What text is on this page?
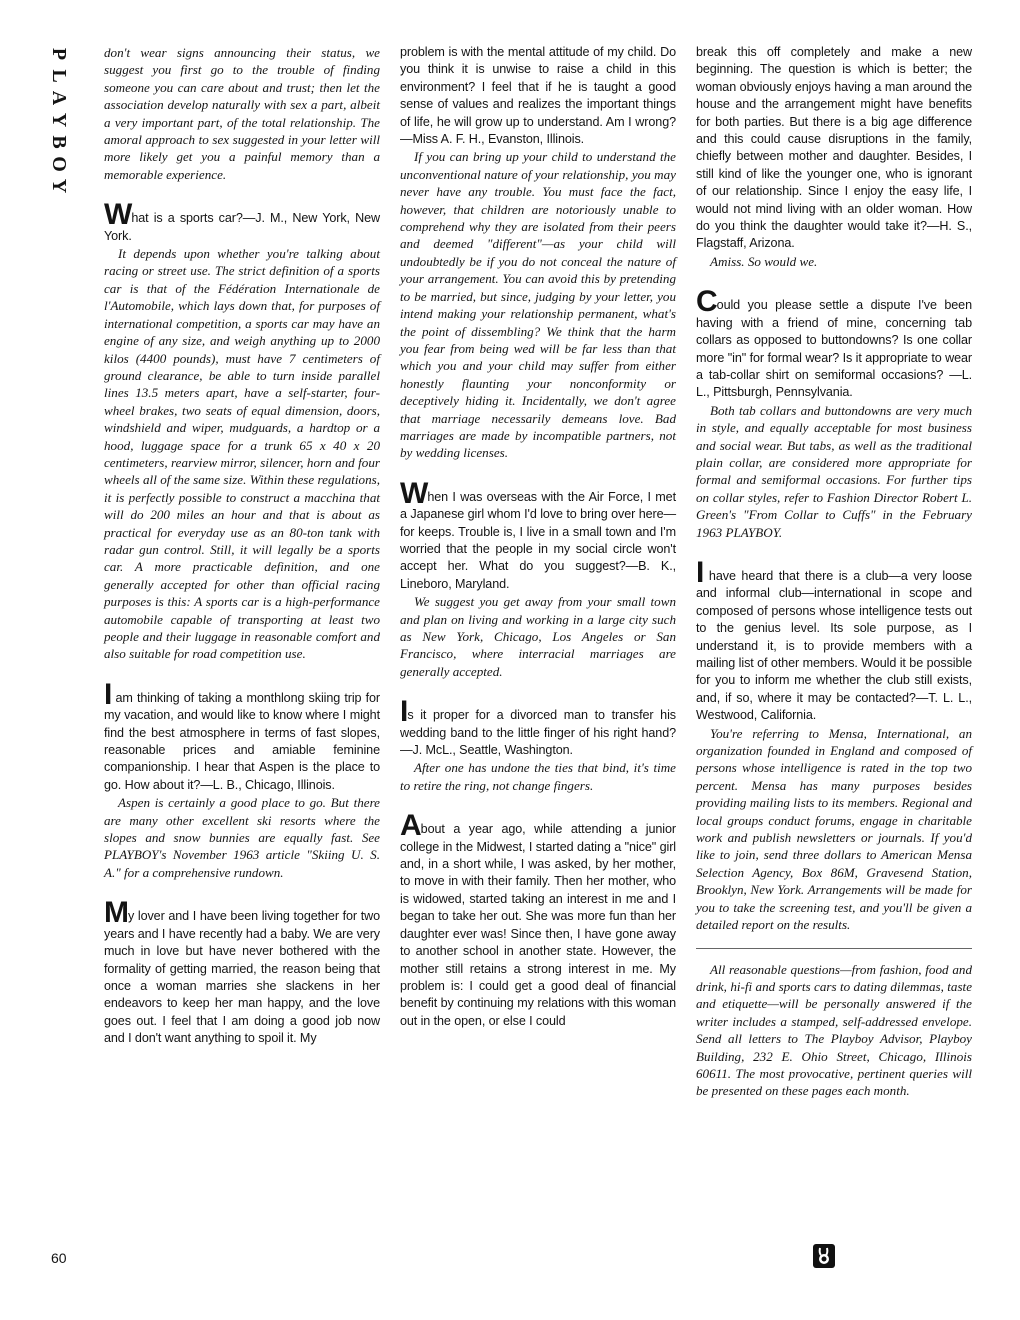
P
L
A
Y
B
O
Y
60

don't wear signs announcing their status, we suggest you first go to the trouble of finding someone you can care about and trust; then let the association develop naturally with sex a part, albeit a very important part, of the total relationship. The amoral approach to sex suggested in your letter will more likely get you a painful memory than a memorable experience.

What is a sports car?—J. M., New York, New York.

It depends upon whether you're talking about racing or street use. The strict definition of a sports car is that of the Fédération Internationale de l'Automobile, which lays down that, for purposes of international competition, a sports car may have an engine of any size, and weigh anything up to 2000 kilos (4400 pounds), must have 7 centimeters of ground clearance, be able to turn inside parallel lines 13.5 meters apart, have a self-starter, four-wheel brakes, two seats of equal dimension, doors, windshield and wiper, mudguards, a hardtop or a hood, luggage space for a trunk 65 x 40 x 20 centimeters, rearview mirror, silencer, horn and four wheels all of the same size. Within these regulations, it is perfectly possible to construct a macchina that will do 200 miles an hour and that is about as practical for everyday use as an 80-ton tank with radar gun control. Still, it will legally be a sports car. A more practicable definition, and one generally accepted for other than official racing purposes is this: A sports car is a high-performance automobile capable of transporting at least two people and their luggage in reasonable comfort and also suitable for road competition use.

I am thinking of taking a monthlong skiing trip for my vacation, and would like to know where I might find the best atmosphere in terms of fast slopes, reasonable prices and amiable feminine companionship. I hear that Aspen is the place to go. How about it?—L. B., Chicago, Illinois.

Aspen is certainly a good place to go. But there are many other excellent ski resorts where the slopes and snow bunnies are equally fast. See PLAYBOY's November 1963 article "Skiing U. S. A." for a comprehensive rundown.

My lover and I have been living together for two years and I have recently had a baby. We are very much in love but have never bothered with the formality of getting married, the reason being that once a woman marries she slackens in her endeavors to keep her man happy, and the love goes out. I feel that I am doing a good job now and I don't want anything to spoil it. My

problem is with the mental attitude of my child. Do you think it is unwise to raise a child in this environment? I feel that if he is taught a good sense of values and realizes the important things of life, he will grow up to understand. Am I wrong?—Miss A. F. H., Evanston, Illinois.

If you can bring up your child to understand the unconventional nature of your relationship, you may never have any trouble. You must face the fact, however, that children are notoriously unable to comprehend why they are isolated from their peers and deemed "different"—as your child will undoubtedly be if you do not conceal the nature of your arrangement. You can avoid this by pretending to be married, but since, judging by your letter, you intend making your relationship permanent, what's the point of dissembling? We think that the harm you fear from being wed will be far less than that which you and your child may suffer from either honestly flaunting your nonconformity or deceptively hiding it. Incidentally, we don't agree that marriage necessarily demeans love. Bad marriages are made by incompatible partners, not by wedding licenses.

When I was overseas with the Air Force, I met a Japanese girl whom I'd love to bring over here—for keeps. Trouble is, I live in a small town and I'm worried that the people in my social circle won't accept her. What do you suggest?—B. K., Lineboro, Maryland.

We suggest you get away from your small town and plan on living and working in a large city such as New York, Chicago, Los Angeles or San Francisco, where interracial marriages are generally accepted.

Is it proper for a divorced man to transfer his wedding band to the little finger of his right hand?—J. McL., Seattle, Washington.

After one has undone the ties that bind, it's time to retire the ring, not change fingers.

About a year ago, while attending a junior college in the Midwest, I started dating a "nice" girl and, in a short while, I was asked, by her mother, to move in with their family. Then her mother, who is widowed, started taking an interest in me and I began to take her out. She was more fun than her daughter ever was! Since then, I have gone away to another school in another state. However, the mother still retains a strong interest in me. My problem is: I could get a good deal of financial benefit by continuing my relations with this woman out in the open, or else I could

break this off completely and make a new beginning. The question is which is better; the woman obviously enjoys having a man around the house and the arrangement might have benefits for both parties. But there is a big age difference and this could cause disruptions in the family, chiefly between mother and daughter. Besides, I still kind of like the younger one, who is ignorant of our relationship. Since I enjoy the easy life, I would not mind living with an older woman. How do you think the daughter would take it?—H. S., Flagstaff, Arizona.

Amiss. So would we.

Could you please settle a dispute I've been having with a friend of mine, concerning tab collars as opposed to buttondowns? Is one collar more "in" for formal wear? Is it appropriate to wear a tab-collar shirt on semiformal occasions? —L. L., Pittsburgh, Pennsylvania.

Both tab collars and buttondowns are very much in style, and equally acceptable for most business and social wear. But tabs, as well as the traditional plain collar, are considered more appropriate for formal and semiformal occasions. For further tips on collar styles, refer to Fashion Director Robert L. Green's "From Collar to Cuffs" in the February 1963 PLAYBOY.

I have heard that there is a club—a very loose and informal club—international in scope and composed of persons whose intelligence tests out to the genius level. Its sole purpose, as I understand it, is to provide members with a mailing list of other members. Would it be possible for you to inform me whether the club still exists, and, if so, where it may be contacted?—T. L. L., Westwood, California.

You're referring to Mensa, International, an organization founded in England and composed of persons whose intelligence is rated in the top two percent. Mensa has many purposes besides providing mailing lists to its members. Regional and local groups conduct forums, engage in charitable work and publish newsletters or journals. If you'd like to join, send three dollars to American Mensa Selection Agency, Box 86M, Gravesend Station, Brooklyn, New York. Arrangements will be made for you to take the screening test, and you'll be given a detailed report on the results.

All reasonable questions—from fashion, food and drink, hi-fi and sports cars to dating dilemmas, taste and etiquette—will be personally answered if the writer includes a stamped, self-addressed envelope. Send all letters to The Playboy Advisor, Playboy Building, 232 E. Ohio Street, Chicago, Illinois 60611. The most provocative, pertinent queries will be presented on these pages each month.
